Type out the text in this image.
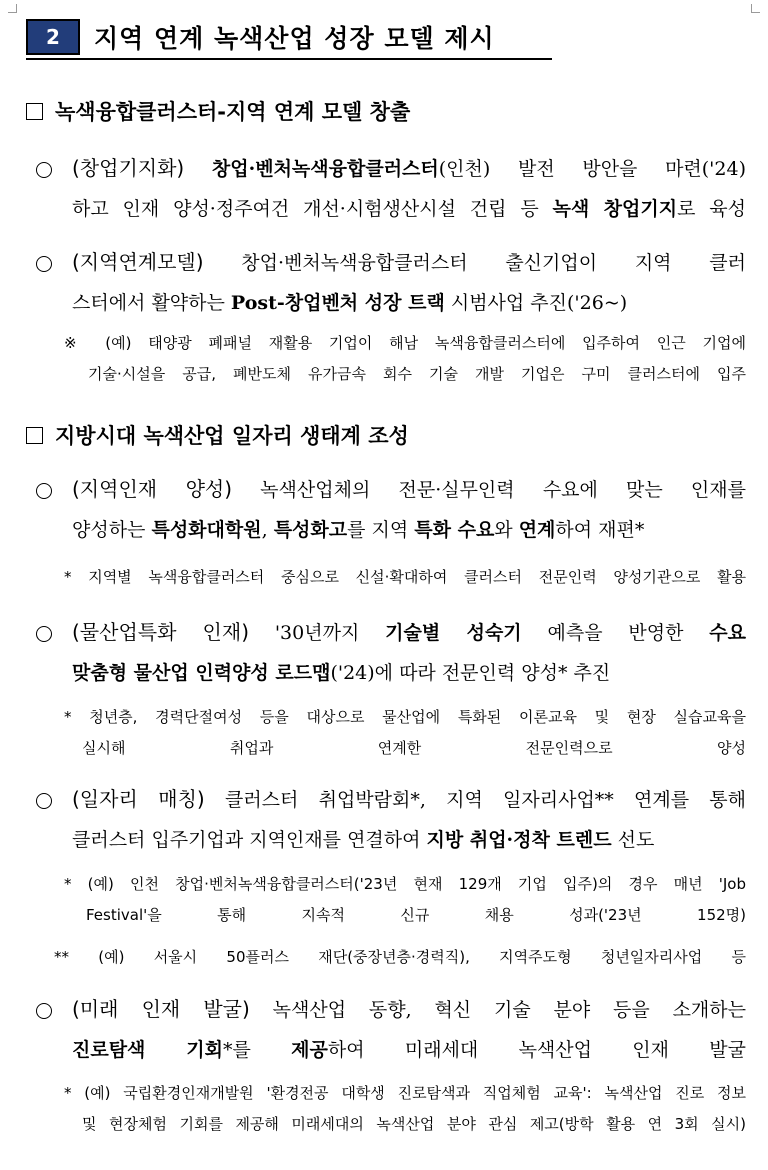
2	지역 연계 녹색산업 성장 모델 제시
녹색융합클러스터-지역 연계 모델 창출
(창업기지화) 창업·벤처녹색융합클러스터(인천) 발전 방안을 마련('24)
하고 인재 양성·정주여건 개선·시험생산시설 건립 등 녹색 창업기지로 육성
(지역연계모델) 창업·벤처녹색융합클러스터 출신기업이 지역 클러
스터에서 활약하는 Post-창업벤처 성장 트랙 시범사업 추진('26~)
※ (예) 태양광 폐패널 재활용 기업이 해남 녹색융합클러스터에 입주하여 인근 기업에
기술·시설을 공급, 폐반도체 유가금속 회수 기술 개발 기업은 구미 클러스터에 입주
지방시대 녹색산업 일자리 생태계 조성
(지역인재 양성) 녹색산업체의 전문·실무인력 수요에 맞는 인재를
양성하는 특성화대학원, 특성화고를 지역 특화 수요와 연계하여 재편*
* 지역별 녹색융합클러스터 중심으로 신설·확대하여 클러스터 전문인력 양성기관으로 활용
(물산업특화 인재) '30년까지 기술별 성숙기 예측을 반영한 수요
맞춤형 물산업 인력양성 로드맵('24)에 따라 전문인력 양성* 추진
* 청년층, 경력단절여성 등을 대상으로 물산업에 특화된 이론교육 및 현장 실습교육을
실시해 취업과 연계한 전문인력으로 양성
(일자리 매칭) 클러스터 취업박람회*, 지역 일자리사업** 연계를 통해
클러스터 입주기업과 지역인재를 연결하여 지방 취업·정착 트렌드 선도
* (예) 인천 창업·벤처녹색융합클러스터('23년 현재 129개 기업 입주)의 경우 매년 'Job
Festival'을 통해 지속적 신규 채용 성과('23년 152명)
** (예) 서울시 50플러스 재단(중장년층·경력직), 지역주도형 청년일자리사업 등
(미래 인재 발굴) 녹색산업 동향, 혁신 기술 분야 등을 소개하는
진로탐색 기회*를 제공하여 미래세대 녹색산업 인재 발굴
* (예) 국립환경인재개발원 '환경전공 대학생 진로탐색과 직업체험 교육': 녹색산업 진로 정보
및 현장체험 기회를 제공해 미래세대의 녹색산업 분야 관심 제고(방학 활용 연 3회 실시)
